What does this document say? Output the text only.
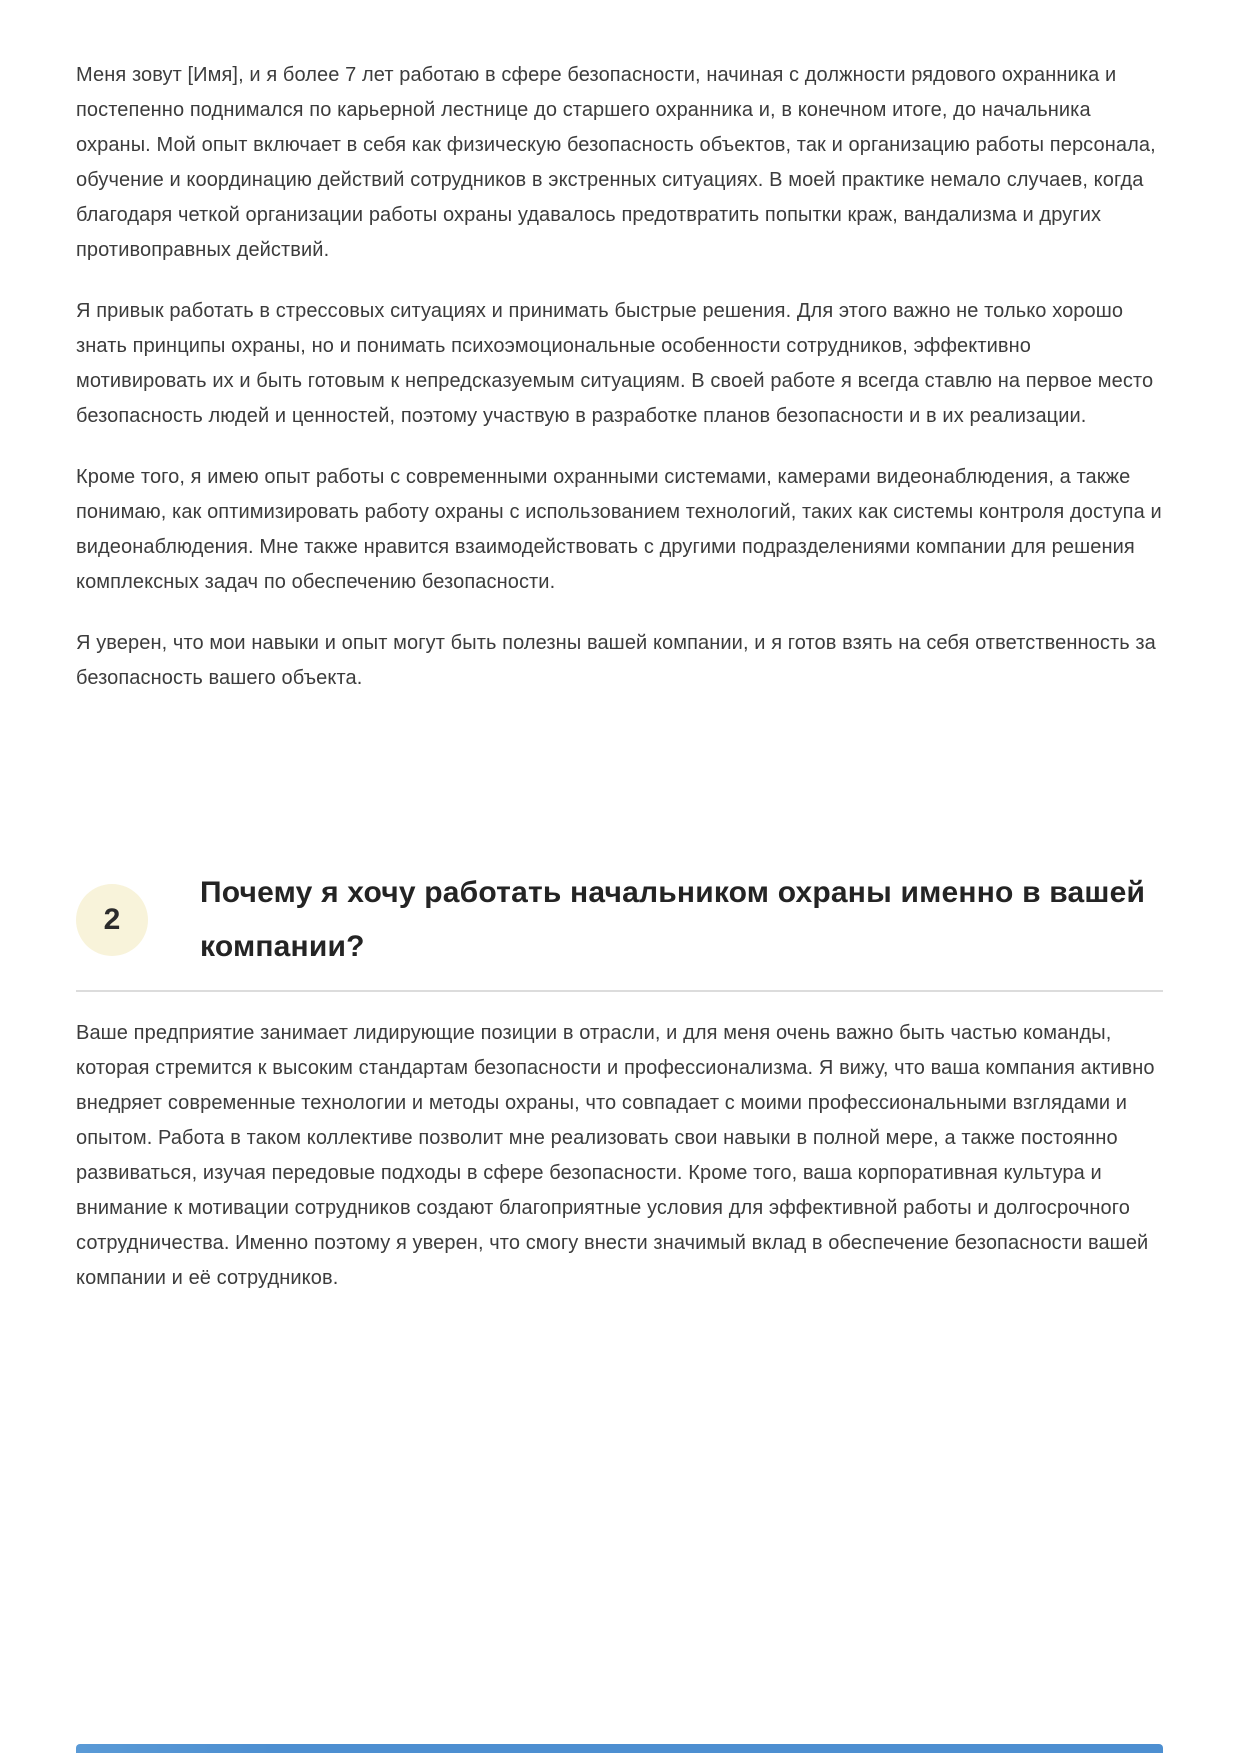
Меня зовут [Имя], и я более 7 лет работаю в сфере безопасности, начиная с должности рядового охранника и постепенно поднимался по карьерной лестнице до старшего охранника и, в конечном итоге, до начальника охраны. Мой опыт включает в себя как физическую безопасность объектов, так и организацию работы персонала, обучение и координацию действий сотрудников в экстренных ситуациях. В моей практике немало случаев, когда благодаря четкой организации работы охраны удавалось предотвратить попытки краж, вандализма и других противоправных действий.

Я привык работать в стрессовых ситуациях и принимать быстрые решения. Для этого важно не только хорошо знать принципы охраны, но и понимать психоэмоциональные особенности сотрудников, эффективно мотивировать их и быть готовым к непредсказуемым ситуациям. В своей работе я всегда ставлю на первое место безопасность людей и ценностей, поэтому участвую в разработке планов безопасности и в их реализации.

Кроме того, я имею опыт работы с современными охранными системами, камерами видеонаблюдения, а также понимаю, как оптимизировать работу охраны с использованием технологий, таких как системы контроля доступа и видеонаблюдения. Мне также нравится взаимодействовать с другими подразделениями компании для решения комплексных задач по обеспечению безопасности.

Я уверен, что мои навыки и опыт могут быть полезны вашей компании, и я готов взять на себя ответственность за безопасность вашего объекта.

2
Почему я хочу работать начальником охраны именно в вашей компании?

Ваше предприятие занимает лидирующие позиции в отрасли, и для меня очень важно быть частью команды, которая стремится к высоким стандартам безопасности и профессионализма. Я вижу, что ваша компания активно внедряет современные технологии и методы охраны, что совпадает с моими профессиональными взглядами и опытом. Работа в таком коллективе позволит мне реализовать свои навыки в полной мере, а также постоянно развиваться, изучая передовые подходы в сфере безопасности. Кроме того, ваша корпоративная культура и внимание к мотивации сотрудников создают благоприятные условия для эффективной работы и долгосрочного сотрудничества. Именно поэтому я уверен, что смогу внести значимый вклад в обеспечение безопасности вашей компании и её сотрудников.
